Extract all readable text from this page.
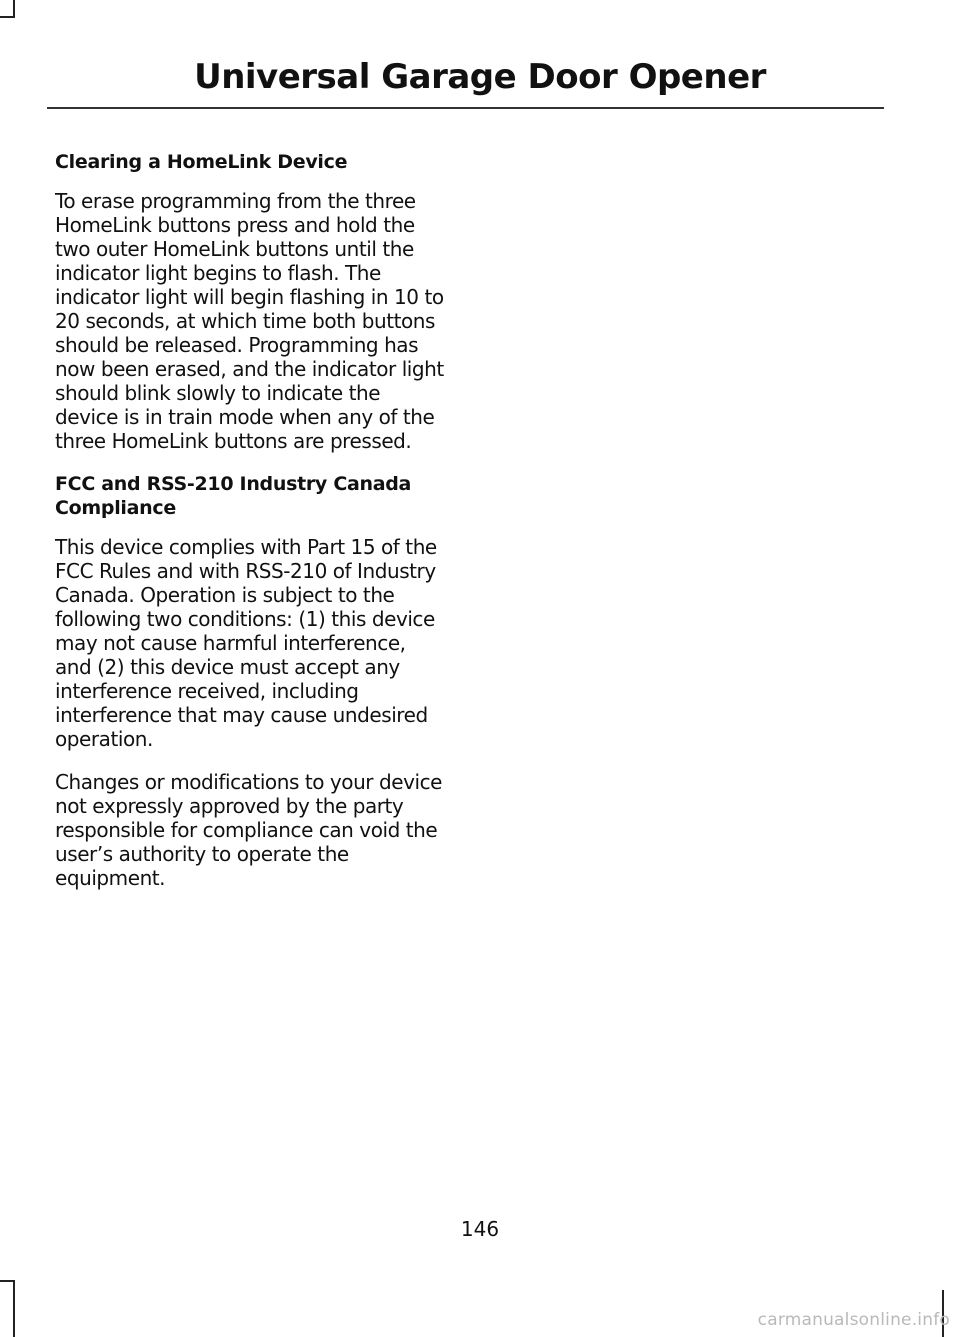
Universal Garage Door Opener
Clearing a HomeLink Device

To erase programming from the three HomeLink buttons press and hold the two outer HomeLink buttons until the indicator light begins to flash. The indicator light will begin flashing in 10 to 20 seconds, at which time both buttons should be released. Programming has now been erased, and the indicator light should blink slowly to indicate the device is in train mode when any of the three HomeLink buttons are pressed.

FCC and RSS-210 Industry Canada Compliance

This device complies with Part 15 of the FCC Rules and with RSS-210 of Industry Canada. Operation is subject to the following two conditions: (1) this device may not cause harmful interference, and (2) this device must accept any interference received, including interference that may cause undesired operation.

Changes or modifications to your device not expressly approved by the party responsible for compliance can void the user’s authority to operate the equipment.

146
carmanualsonline.info
